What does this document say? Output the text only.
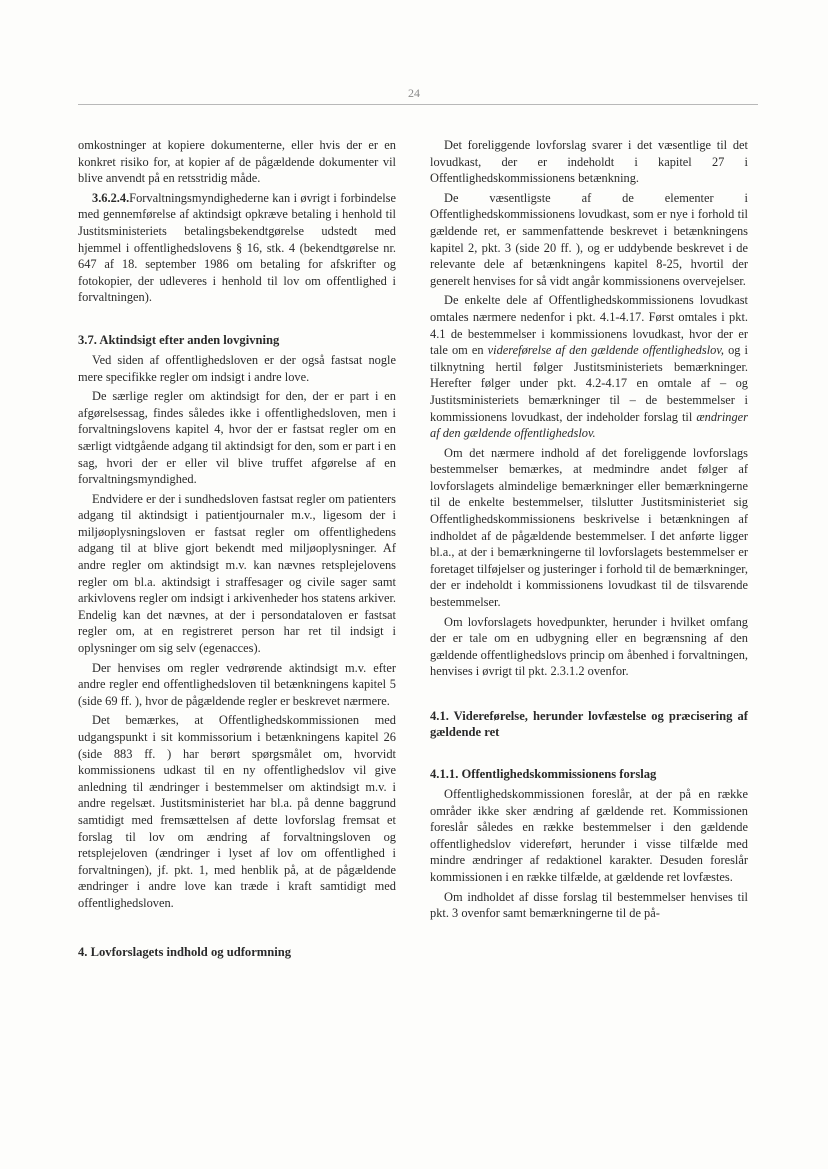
24

omkostninger at kopiere dokumenterne, eller hvis der er en konkret risiko for, at kopier af de pågældende dokumenter vil blive anvendt på en retsstridig måde.

3.6.2.4.Forvaltningsmyndighederne kan i øvrigt i forbindelse med gennemførelse af aktindsigt opkræve betaling i henhold til Justitsministeriets betalingsbekendtgørelse udstedt med hjemmel i offentlighedslovens § 16, stk. 4 (bekendtgørelse nr. 647 af 18. september 1986 om betaling for afskrifter og fotokopier, der udleveres i henhold til lov om offentlighed i forvaltningen).

3.7. Aktindsigt efter anden lovgivning

Ved siden af offentlighedsloven er der også fastsat nogle mere specifikke regler om indsigt i andre love.

De særlige regler om aktindsigt for den, der er part i en afgørelsessag, findes således ikke i offentlighedsloven, men i forvaltningslovens kapitel 4, hvor der er fastsat regler om en særligt vidtgående adgang til aktindsigt for den, som er part i en sag, hvori der er eller vil blive truffet afgørelse af en forvaltningsmyndighed.

Endvidere er der i sundhedsloven fastsat regler om patienters adgang til aktindsigt i patientjournaler m.v., ligesom der i miljøoplysningsloven er fastsat regler om offentlighedens adgang til at blive gjort bekendt med miljøoplysninger. Af andre regler om aktindsigt m.v. kan nævnes retsplejelovens regler om bl.a. aktindsigt i straffesager og civile sager samt arkivlovens regler om indsigt i arkivenheder hos statens arkiver. Endelig kan det nævnes, at der i persondataloven er fastsat regler om, at en registreret person har ret til indsigt i oplysninger om sig selv (egenacces).

Der henvises om regler vedrørende aktindsigt m.v. efter andre regler end offentlighedsloven til betænkningens kapitel 5 (side 69 ff. ), hvor de pågældende regler er beskrevet nærmere.

Det bemærkes, at Offentlighedskommissionen med udgangspunkt i sit kommissorium i betænkningens kapitel 26 (side 883 ff. ) har berørt spørgsmålet om, hvorvidt kommissionens udkast til en ny offentlighedslov vil give anledning til ændringer i bestemmelser om aktindsigt m.v. i andre regelsæt. Justitsministeriet har bl.a. på denne baggrund samtidigt med fremsættelsen af dette lovforslag fremsat et forslag til lov om ændring af forvaltningsloven og retsplejeloven (ændringer i lyset af lov om offentlighed i forvaltningen), jf. pkt. 1, med henblik på, at de pågældende ændringer i andre love kan træde i kraft samtidigt med offentlighedsloven.

4. Lovforslagets indhold og udformning

Det foreliggende lovforslag svarer i det væsentlige til det lovudkast, der er indeholdt i kapitel 27 i Offentlighedskommissionens betænkning.

De væsentligste af de elementer i Offentlighedskommissionens lovudkast, som er nye i forhold til gældende ret, er sammenfattende beskrevet i betænkningens kapitel 2, pkt. 3 (side 20 ff. ), og er uddybende beskrevet i de relevante dele af betænkningens kapitel 8-25, hvortil der generelt henvises for så vidt angår kommissionens overvejelser.

De enkelte dele af Offentlighedskommissionens lovudkast omtales nærmere nedenfor i pkt. 4.1-4.17. Først omtales i pkt. 4.1 de bestemmelser i kommissionens lovudkast, hvor der er tale om en videreførelse af den gældende offentlighedslov, og i tilknytning hertil følger Justitsministeriets bemærkninger. Herefter følger under pkt. 4.2-4.17 en omtale af – og Justitsministeriets bemærkninger til – de bestemmelser i kommissionens lovudkast, der indeholder forslag til ændringer af den gældende offentlighedslov.

Om det nærmere indhold af det foreliggende lovforslags bestemmelser bemærkes, at medmindre andet følger af lovforslagets almindelige bemærkninger eller bemærkningerne til de enkelte bestemmelser, tilslutter Justitsministeriet sig Offentlighedskommissionens beskrivelse i betænkningen af indholdet af de pågældende bestemmelser. I det anførte ligger bl.a., at der i bemærkningerne til lovforslagets bestemmelser er foretaget tilføjelser og justeringer i forhold til de bemærkninger, der er indeholdt i kommissionens lovudkast til de tilsvarende bestemmelser.

Om lovforslagets hovedpunkter, herunder i hvilket omfang der er tale om en udbygning eller en begrænsning af den gældende offentlighedslovs princip om åbenhed i forvaltningen, henvises i øvrigt til pkt. 2.3.1.2 ovenfor.

4.1. Videreførelse, herunder lovfæstelse og præcisering af gældende ret
4.1.1. Offentlighedskommissionens forslag

Offentlighedskommissionen foreslår, at der på en række områder ikke sker ændring af gældende ret. Kommissionen foreslår således en række bestemmelser i den gældende offentlighedslov videreført, herunder i visse tilfælde med mindre ændringer af redaktionel karakter. Desuden foreslår kommissionen i en række tilfælde, at gældende ret lovfæstes.

Om indholdet af disse forslag til bestemmelser henvises til pkt. 3 ovenfor samt bemærkningerne til de på-
